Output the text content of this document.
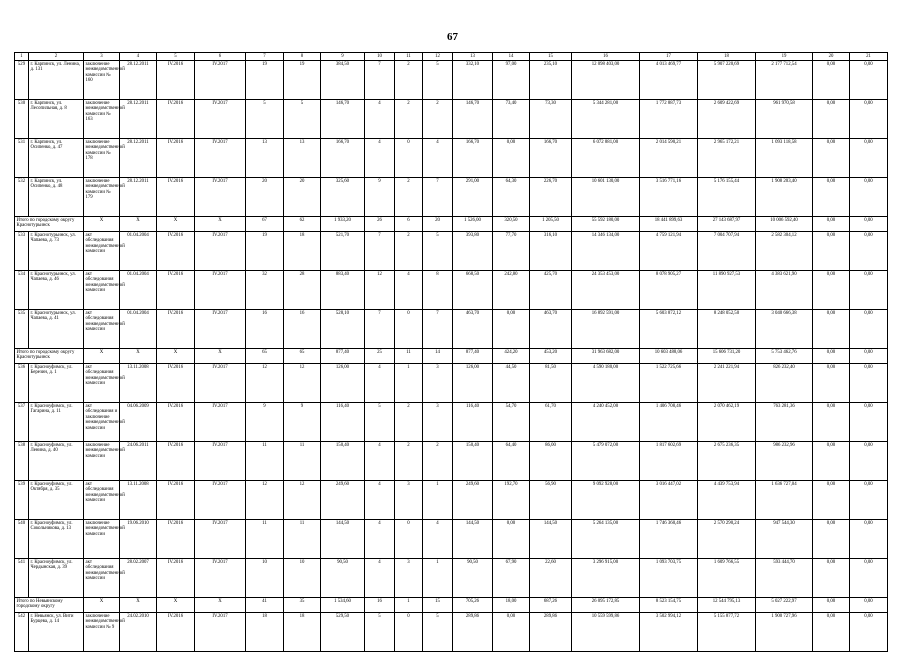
67
1	2	3	4	5	6	7	8	9	10	11	12	13	14	15	16	17	18	19	20	21
529	г. Карпинск, ул. Ленина, д. 131	заключение межведомственной комиссии № 160	28.12.2011	IV.2016	IV.2017	19	19	384,50	7	2	5	332,10	97,00	235,10	12 098 403,00	4 013 469,77	5 907 220,69	2 177 712,54	0,00	0,00
530	г. Карпинск, ул. Лесопильная, д. 8	заключение межведомственной комиссии № 163	28.12.2011	IV.2016	IV.2017	5	5	146,70	4	2	2	146,70	73,40	73,30	5 344 281,00	1 772 887,73	2 609 422,69	961 970,58	0,00	0,00
531	г. Карпинск, ул. Осипенко, д. 47	заключение межведомственной комиссии № 178	28.12.2011	IV.2016	IV.2017	13	13	166,70	4	0	4	166,70	0,00	166,70	6 072 881,00	2 014 590,21	2 965 172,21	1 093 118,58	0,00	0,00
532	г. Карпинск, ул. Осипенко, д. 48	заключение межведомственной комиссии № 179	28.12.2011	IV.2016	IV.2017	20	20	325,60	9	2	7	291,00	64,30	226,70	10 601 130,00	3 516 771,16	5 176 155,44	1 908 203,40	0,00	0,00
Итого по городскому округу Краснотурьинск		X	X	X	X	67	62	1 933,20	26	6	20	1 526,00	320,50	1 205,50	55 592 180,00	18 441 899,63	27 143 687,97	10 006 592,40	0,00	0,00
533	г. Краснотурьинск, ул. Чапаева, д. 73	акт обследования межведомственной комиссии	01.04.2004	IV.2016	IV.2017	19	18	521,70	7	2	5	393,80	77,70	316,10	14 346 134,00	4 759 121,94	7 004 707,94	2 582 304,12	0,00	0,00
534	г. Краснотурьинск, ул. Чапаева, д. 46	акт обследования межведомственной комиссии	01.04.2004	IV.2016	IV.2017	32	28	883,40	12	4	8	668,50	242,80	425,70	24 353 453,00	8 078 905,27	11 890 927,53	4 383 621,90	0,00	0,00
535	г. Краснотурьинск, ул. Чапаева, д. 41	акт обследования межведомственной комиссии	01.04.2004	IV.2016	IV.2017	16	16	528,10	7	0	7	463,70	0,00	463,70	16 892 591,00	5 603 872,12	8 248 052,50	3 040 666,38	0,00	0,00
Итого по городскому округу Краснотурьинск		X	X	X	X	65	65	877,40	25	11	14	877,40	424,20	453,20	31 963 682,00	10 603 488,06	15 606 731,20	5 753 462,76	0,00	0,00
536	г. Красноуфимск, ул. Березин, д. 1	акт обследования межведомственной комиссии	13.11.2008	IV.2016	IV.2017	12	12	126,00	4	1	3	126,00	44,50	81,50	4 590 180,00	1 522 725,66	2 241 221,94	826 232,40	0,00	0,00
537	г. Красноуфимск, ул. Гагарина, д. 11	акт обследования и заключение межведомственной комиссии	04.06.2009	IV.2016	IV.2017	9	9	116,40	5	2	3	116,40	54,70	61,70	4 240 452,00	1 406 708,46	2 070 462,19	763 281,36	0,00	0,00
538	г. Красноуфимск, ул. Ленина, д. 40	заключение межведомственной комиссии	24.06.2011	IV.2016	IV.2017	11	11	150,40	4	2	2	150,40	64,40	86,00	5 479 072,00	1 817 602,69	2 675 236,35	986 232,96	0,00	0,00
539	г. Красноуфимск, ул. Октября, д. 35	акт обследования межведомственной комиссии	13.11.2008	IV.2016	IV.2017	12	12	249,60	4	3	1	249,60	192,70	56,90	9 092 928,00	3 016 447,02	4 439 753,94	1 636 727,04	0,00	0,00
540	г. Красноуфимск, ул. Сокольникова, д. 13	заключение межведомственной комиссии	19.06.2010	IV.2016	IV.2017	11	11	144,50	4	0	4	144,50	0,00	144,50	5 264 135,00	1 746 360,46	2 570 290,24	947 544,30	0,00	0,00
541	г. Красноуфимск, ул. Чердынская, д. 39	акт обследования межведомственной комиссии	28.02.2007	IV.2016	IV.2017	10	10	90,50	4	3	1	90,50	67,90	22,60	3 296 915,00	1 093 703,75	1 609 766,55	593 444,70	0,00	0,00
Итого по Невьянскому городскому округу		X	X	X	X	41	35	1 534,60	16	1	15	705,26	18,00	687,26	26 095 172,85	8 523 154,75	12 544 795,13	5 027 222,97	0,00	0,00
542	г. Невьянск, ул. Вити Бурцева, д. 14	заключение межведомственной комиссии № 9	24.02.2010	IV.2016	IV.2017	18	18	529,50	5	0	5	289,86	0,00	289,86	10 559 599,86	3 502 994,12	5 155 877,72	1 900 727,96	0,00	0,00
